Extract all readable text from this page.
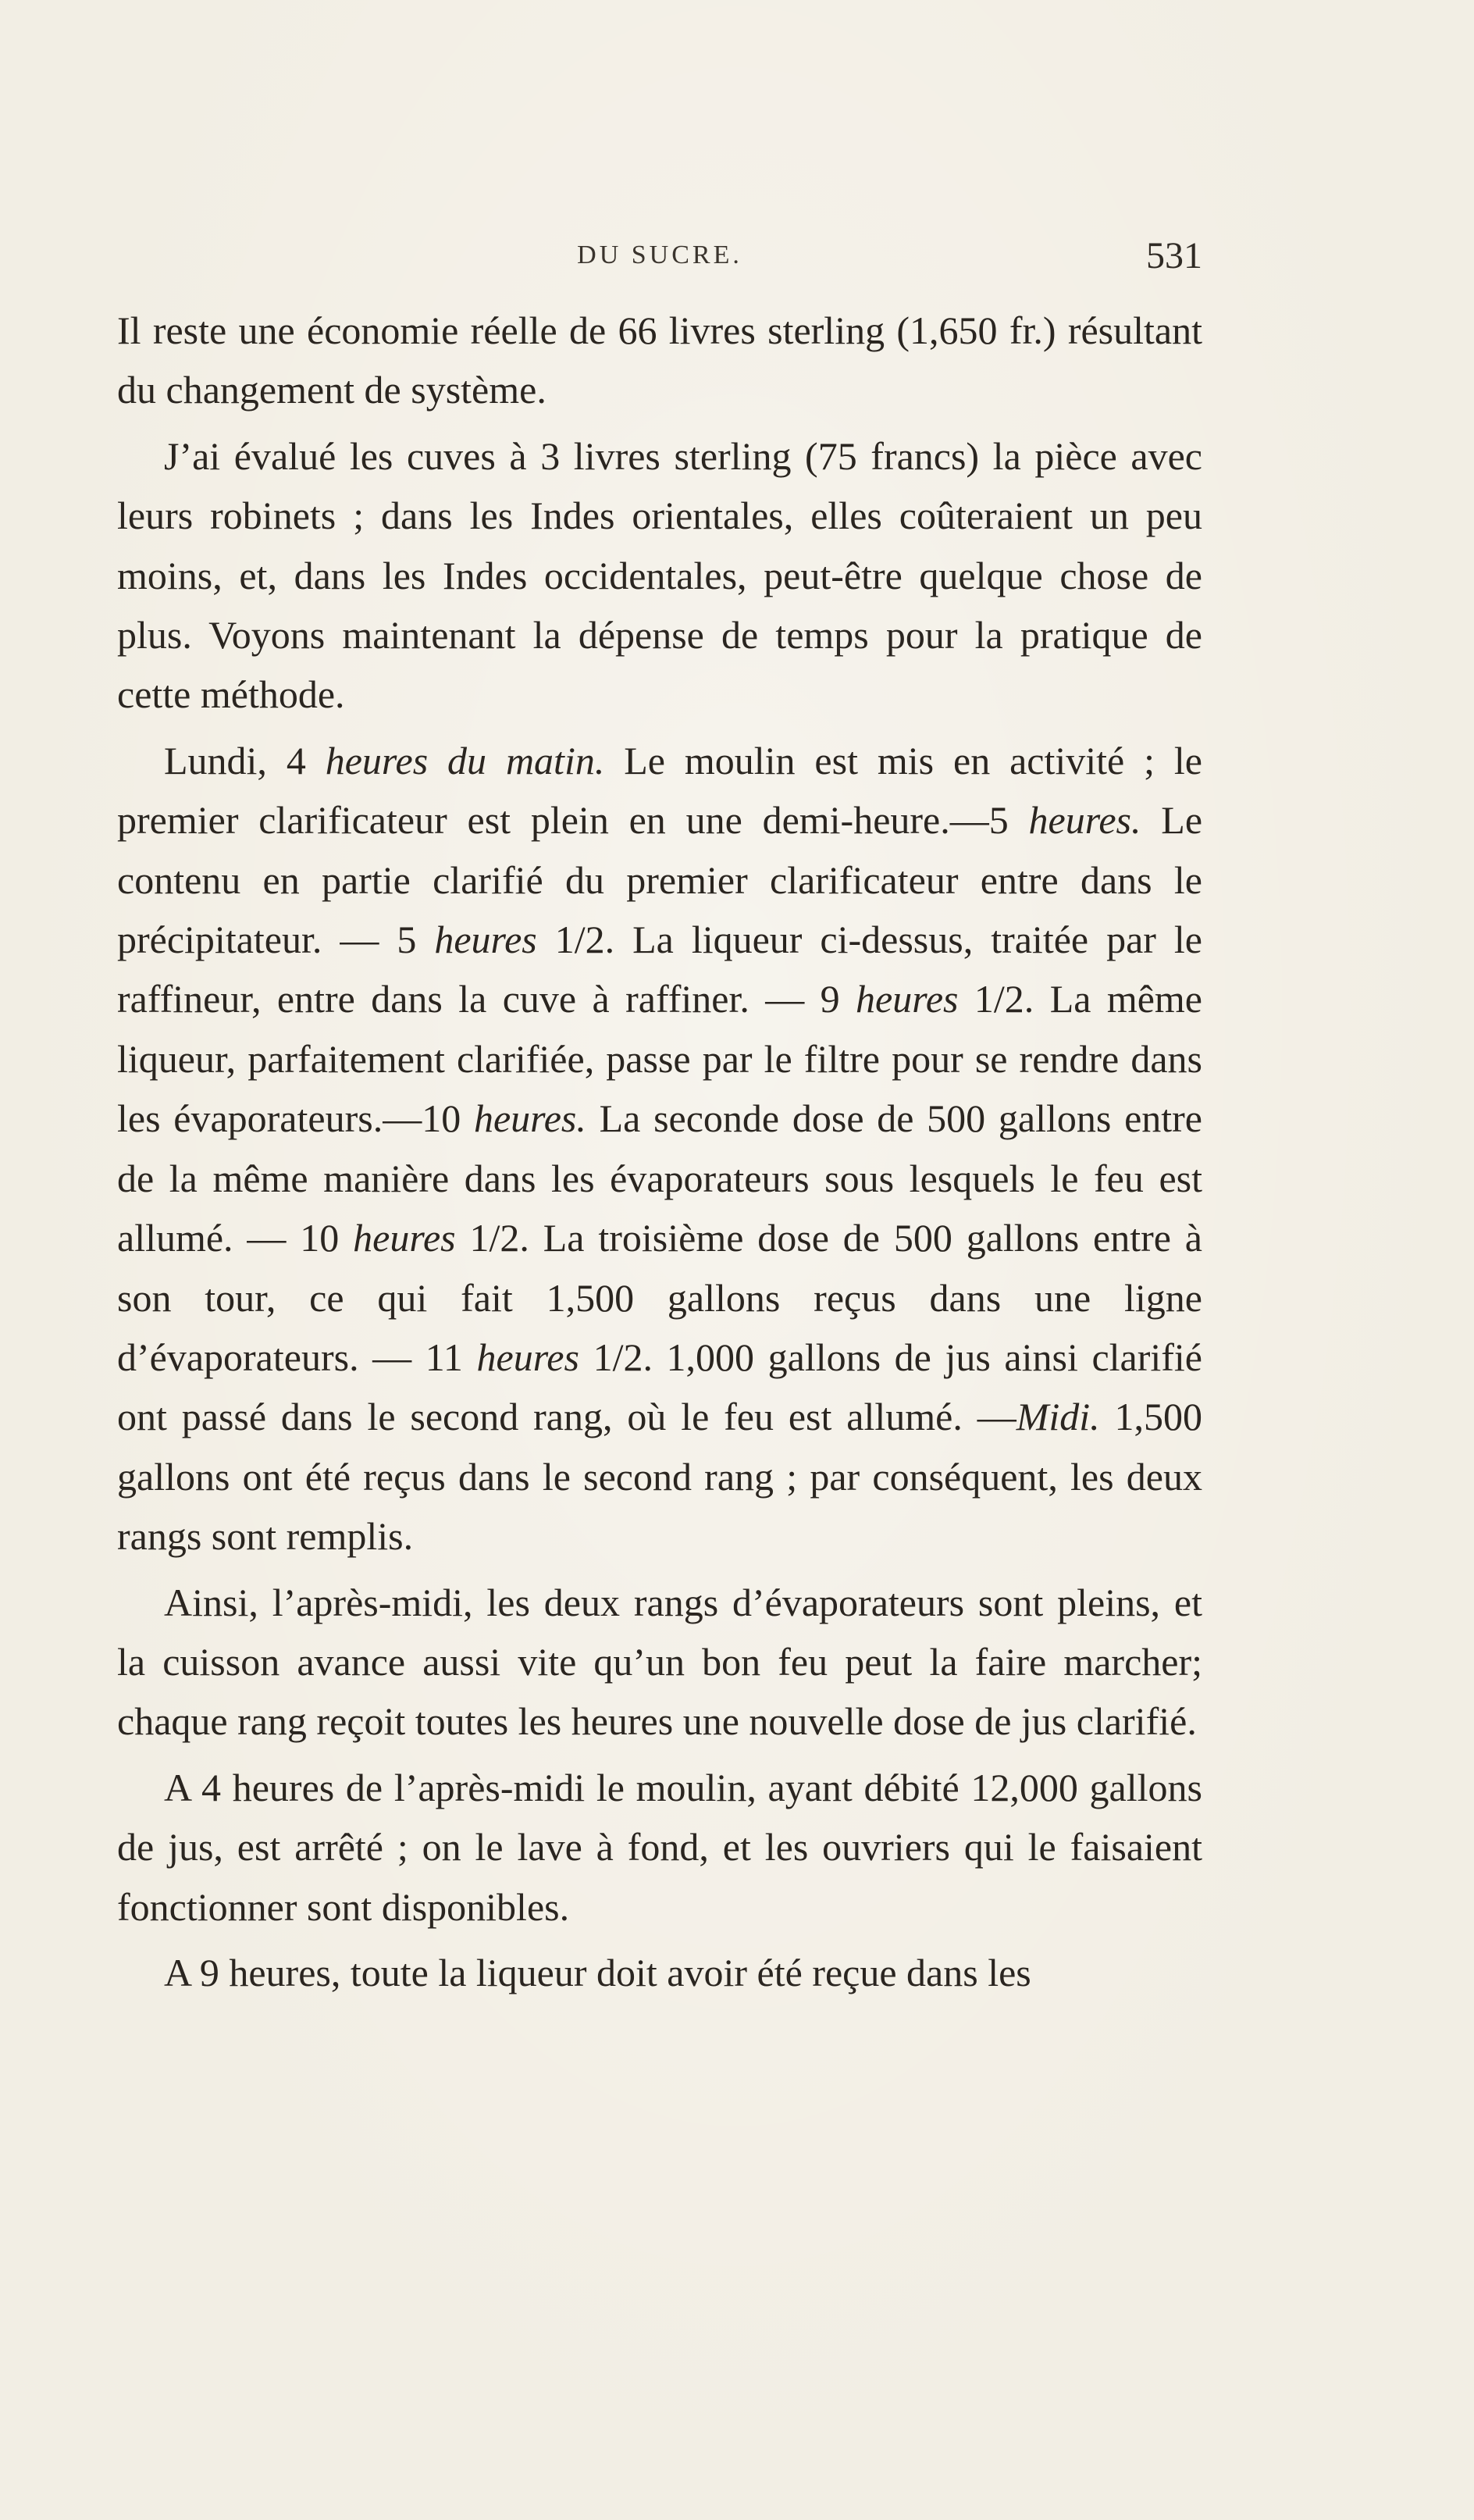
DU SUCRE.	531

Il reste une économie réelle de 66 livres sterling (1,650 fr.) résultant du changement de système.

J’ai évalué les cuves à 3 livres sterling (75 francs) la pièce avec leurs robinets ; dans les Indes orientales, elles coûteraient un peu moins, et, dans les Indes occidentales, peut-être quelque chose de plus. Voyons maintenant la dépense de temps pour la pratique de cette méthode.

Lundi, 4 heures du matin. Le moulin est mis en activité ; le premier clarificateur est plein en une demi-heure.—5 heures. Le contenu en partie clarifié du premier clarificateur entre dans le précipitateur. — 5 heures 1/2. La liqueur ci-dessus, traitée par le raffineur, entre dans la cuve à raffiner. — 9 heures 1/2. La même liqueur, parfaitement clarifiée, passe par le filtre pour se rendre dans les évaporateurs.—10 heures. La seconde dose de 500 gallons entre de la même manière dans les évaporateurs sous lesquels le feu est allumé. — 10 heures 1/2. La troisième dose de 500 gallons entre à son tour, ce qui fait 1,500 gallons reçus dans une ligne d’évaporateurs. — 11 heures 1/2. 1,000 gallons de jus ainsi clarifié ont passé dans le second rang, où le feu est allumé. —Midi. 1,500 gallons ont été reçus dans le second rang ; par conséquent, les deux rangs sont remplis.

Ainsi, l’après-midi, les deux rangs d’évaporateurs sont pleins, et la cuisson avance aussi vite qu’un bon feu peut la faire marcher; chaque rang reçoit toutes les heures une nouvelle dose de jus clarifié.

A 4 heures de l’après-midi le moulin, ayant débité 12,000 gallons de jus, est arrêté ; on le lave à fond, et les ouvriers qui le faisaient fonctionner sont disponibles.

A 9 heures, toute la liqueur doit avoir été reçue dans les
